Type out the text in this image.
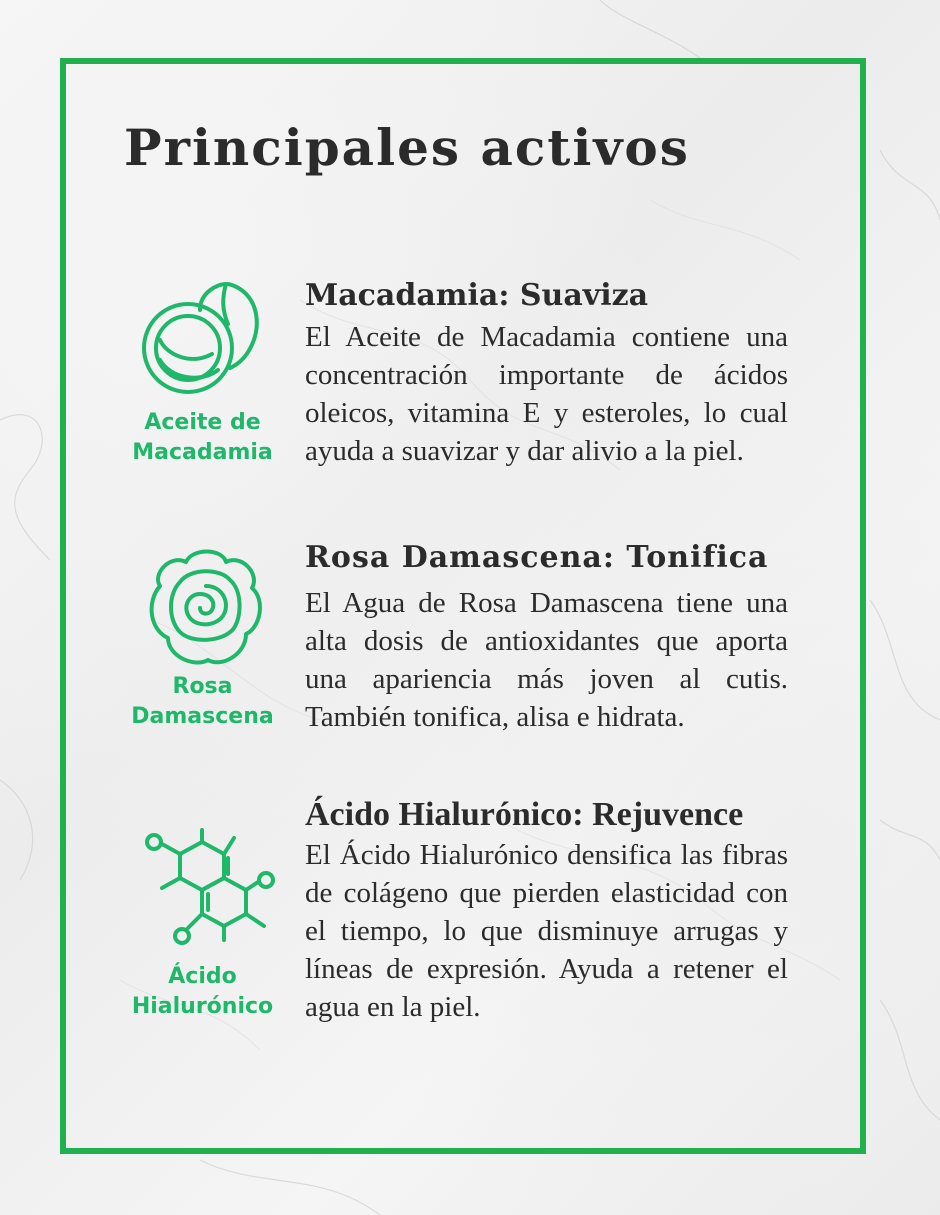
Principales activos
Aceite de
Macadamia
Macadamia: Suaviza

El Aceite de Macadamia contiene una concentración importante de ácidos oleicos, vitamina E y esteroles, lo cual ayuda a suavizar y dar alivio a la piel.

Rosa
Damascena
Rosa Damascena: Tonifica

El Agua de Rosa Damascena tiene una alta dosis de antioxidantes que aporta una apariencia más joven al cutis. También tonifica, alisa e hidrata.

Ácido
Hialurónico
Ácido Hialurónico: Rejuvence

El Ácido Hialurónico densifica las fibras de colágeno que pierden elasticidad con el tiempo, lo que disminuye arrugas y líneas de expresión. Ayuda a retener el agua en la piel.
